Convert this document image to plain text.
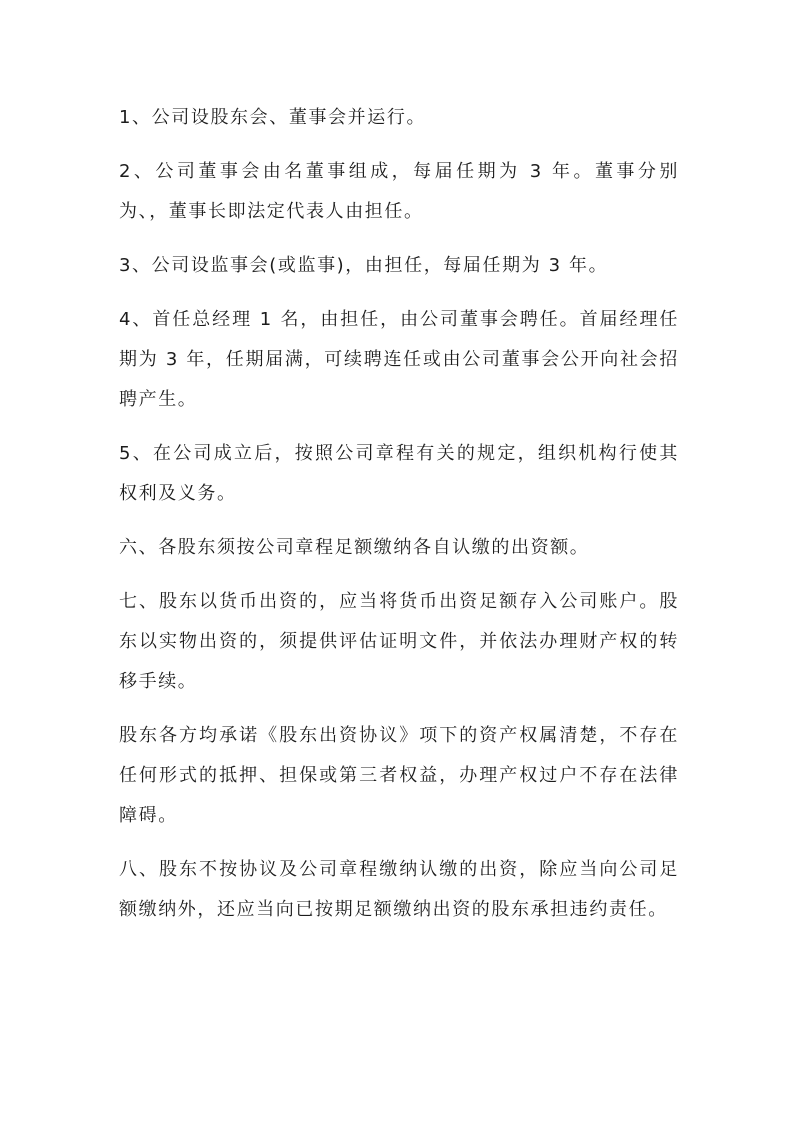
1、公司设股东会、董事会并运行。

2、公司董事会由名董事组成，每届任期为 3 年。董事分别为、，董事长即法定代表人由担任。

3、公司设监事会(或监事)，由担任，每届任期为 3 年。

4、首任总经理 1 名，由担任，由公司董事会聘任。首届经理任期为 3 年，任期届满，可续聘连任或由公司董事会公开向社会招聘产生。

5、在公司成立后，按照公司章程有关的规定，组织机构行使其权利及义务。

六、各股东须按公司章程足额缴纳各自认缴的出资额。

七、股东以货币出资的，应当将货币出资足额存入公司账户。股东以实物出资的，须提供评估证明文件，并依法办理财产权的转移手续。

股东各方均承诺《股东出资协议》项下的资产权属清楚，不存在任何形式的抵押、担保或第三者权益，办理产权过户不存在法律障碍。

八、股东不按协议及公司章程缴纳认缴的出资，除应当向公司足额缴纳外，还应当向已按期足额缴纳出资的股东承担违约责任。
